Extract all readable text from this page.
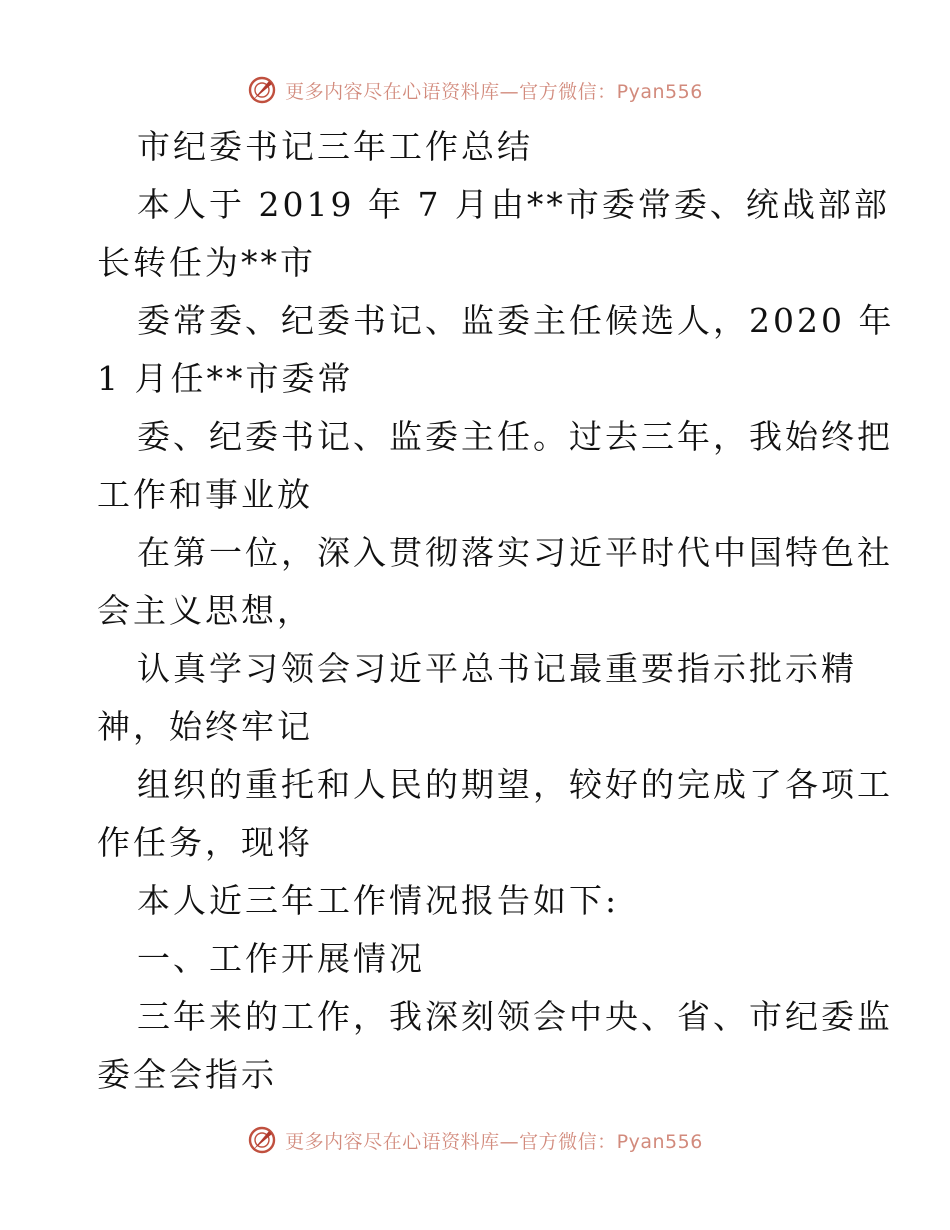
更多内容尽在心语资料库—官方微信：Pyan556
市纪委书记三年工作总结
本人于 2019 年 7 月由**市委常委、统战部部
长转任为**市
委常委、纪委书记、监委主任候选人，2020 年
1 月任**市委常
委、纪委书记、监委主任。过去三年，我始终把
工作和事业放
在第一位，深入贯彻落实习近平时代中国特色社
会主义思想，
认真学习领会习近平总书记最重要指示批示精
神，始终牢记
组织的重托和人民的期望，较好的完成了各项工
作任务，现将
本人近三年工作情况报告如下:
一、工作开展情况
三年来的工作，我深刻领会中央、省、市纪委监
委全会指示
更多内容尽在心语资料库—官方微信：Pyan556
